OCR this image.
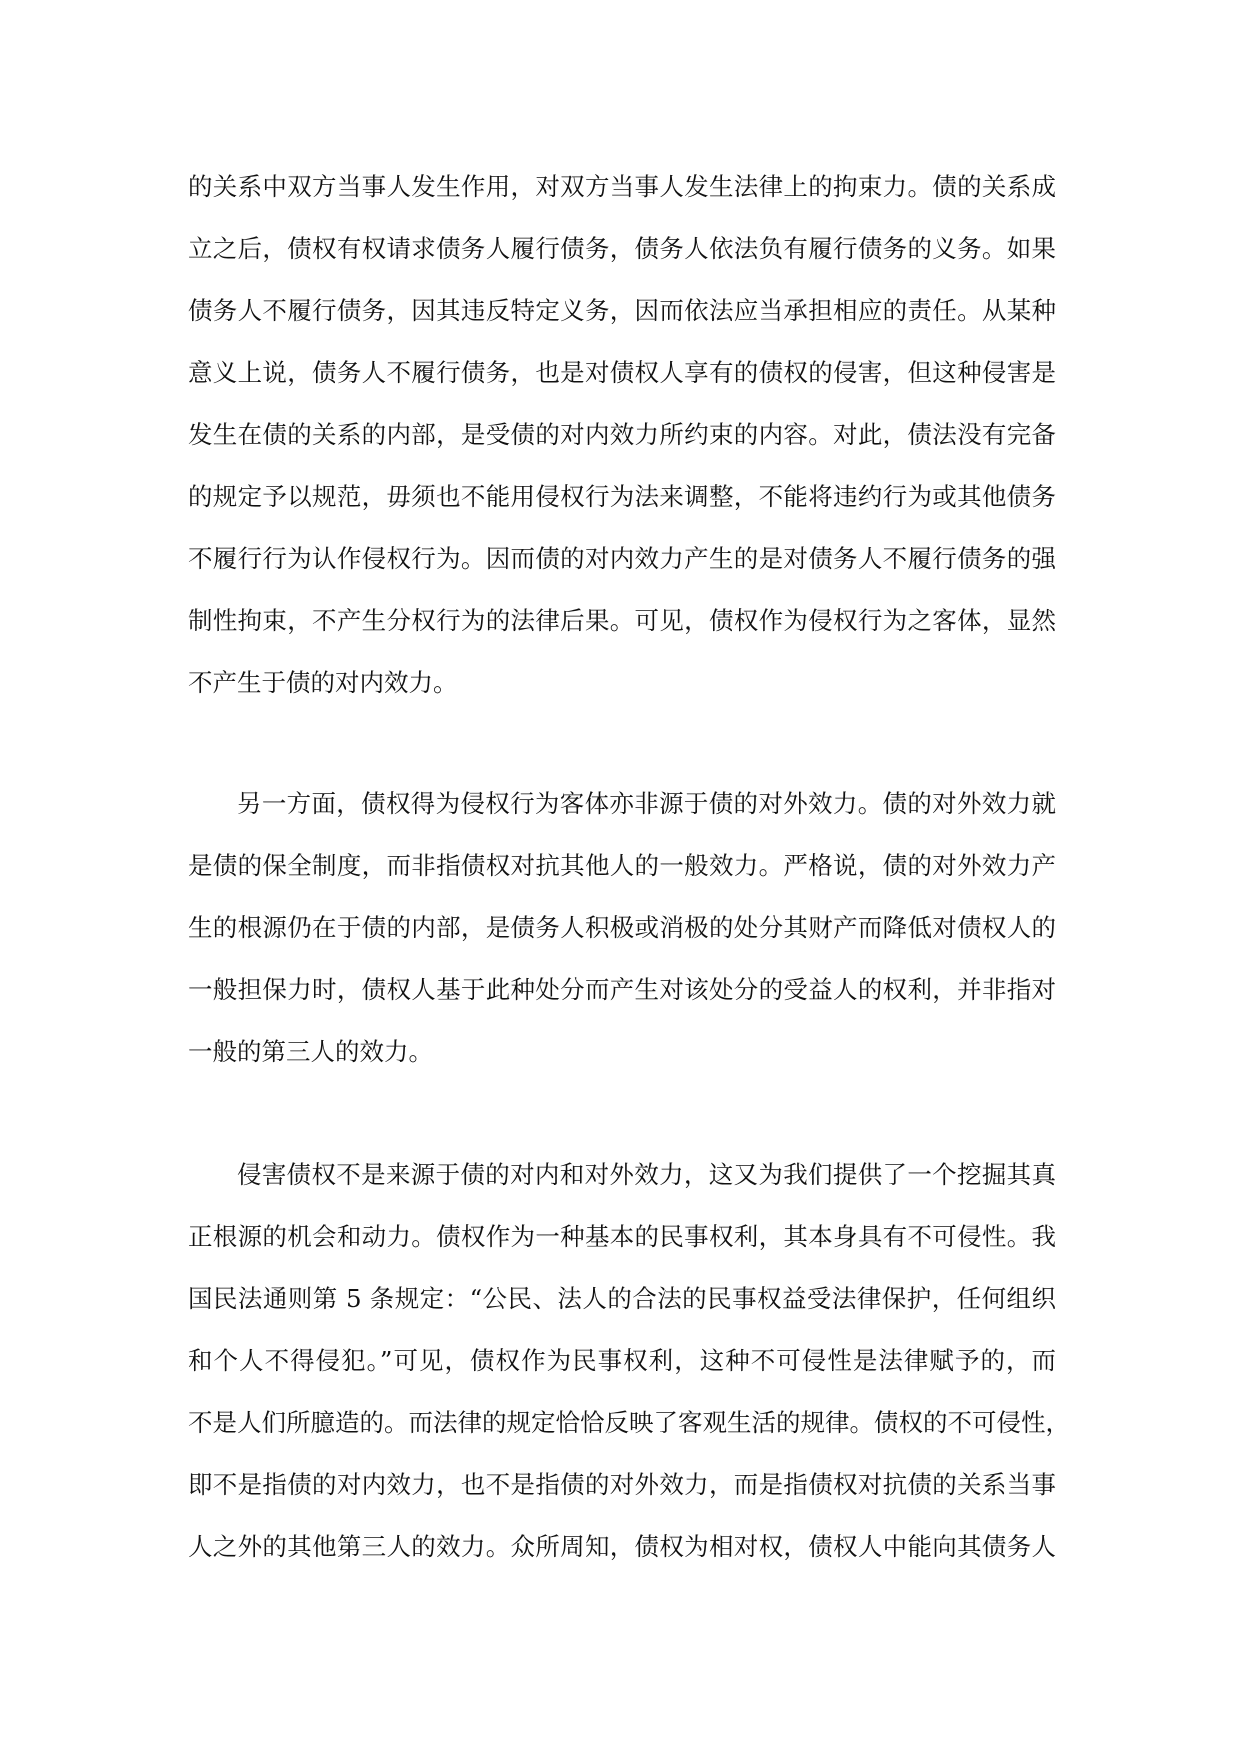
的关系中双方当事人发生作用，对双方当事人发生法律上的拘束力。债的关系成
立之后，债权有权请求债务人履行债务，债务人依法负有履行债务的义务。如果
债务人不履行债务，因其违反特定义务，因而依法应当承担相应的责任。从某种
意义上说，债务人不履行债务，也是对债权人享有的债权的侵害，但这种侵害是
发生在债的关系的内部，是受债的对内效力所约束的内容。对此，债法没有完备
的规定予以规范，毋须也不能用侵权行为法来调整，不能将违约行为或其他债务
不履行行为认作侵权行为。因而债的对内效力产生的是对债务人不履行债务的强
制性拘束，不产生分权行为的法律后果。可见，债权作为侵权行为之客体，显然
不产生于债的对内效力。
另一方面，债权得为侵权行为客体亦非源于债的对外效力。债的对外效力就
是债的保全制度，而非指债权对抗其他人的一般效力。严格说，债的对外效力产
生的根源仍在于债的内部，是债务人积极或消极的处分其财产而降低对债权人的
一般担保力时，债权人基于此种处分而产生对该处分的受益人的权利，并非指对
一般的第三人的效力。
侵害债权不是来源于债的对内和对外效力，这又为我们提供了一个挖掘其真
正根源的机会和动力。债权作为一种基本的民事权利，其本身具有不可侵性。我
国民法通则第 5 条规定：“公民、法人的合法的民事权益受法律保护，任何组织
和个人不得侵犯。”可见，债权作为民事权利，这种不可侵性是法律赋予的，而
不是人们所臆造的。而法律的规定恰恰反映了客观生活的规律。债权的不可侵性，
即不是指债的对内效力，也不是指债的对外效力，而是指债权对抗债的关系当事
人之外的其他第三人的效力。众所周知，债权为相对权，债权人中能向其债务人
